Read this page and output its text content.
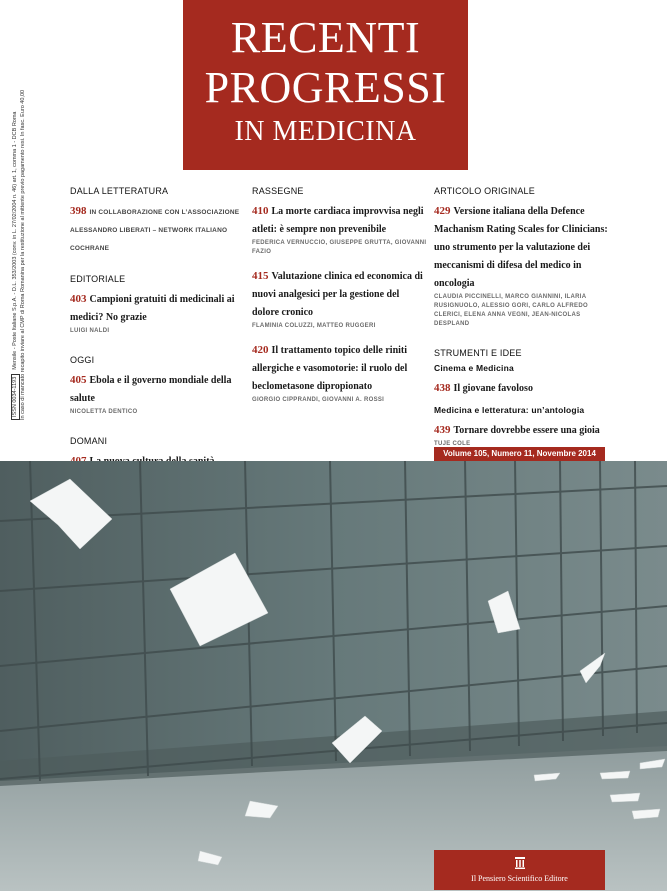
RECENTI
PROGRESSI
IN MEDICINA
ISSN 0034-1193Mensile - Poste Italiane S.p.A. - D.L. 353/2003 (conv. in L. 27/02/2004 n. 46) art. 1, comma 1 - DCB Roma In caso di mancato recapito inviare al CMP di Roma Romanina per la restituzione al mittente previo pagamento resi. In fasc. Euro 40,00	DALLA LETTERATURA
398 IN COLLABORAZIONE CON L’ASSOCIAZIONE ALESSANDRO LIBERATI – NETWORK ITALIANO COCHRANE
EDITORIALE
403 Campioni gratuiti di medicinali ai medici? No grazie
LUIGI NALDI
OGGI
405 Ebola e il governo mondiale della salute
NICOLETTA DENTICO
DOMANI
RASSEGNE
410 La morte cardiaca improvvisa negli atleti: è sempre non prevenibile
FEDERICA VERNUCCIO, GIUSEPPE GRUTTA, GIOVANNI FAZIO
415 Valutazione clinica ed economica di nuovi analgesici per la gestione del dolore cronico
FLAMINIA COLUZZI, MATTEO RUGGERI
420 Il trattamento topico delle riniti allergiche e vasomotorie: il ruolo del beclometasone dipropionato
GIORGIO CIPPRANDI, GIOVANNI A. ROSSI
ARTICOLO ORIGINALE
429 Versione italiana della Defence Machanism Rating Scales for Clinicians: uno strumento per la valutazione dei meccanismi di difesa del medico in oncologia
CLAUDIA PICCINELLI, MARCO GIANNINI, ILARIA RUSIGNUOLO, ALESSIO GORI, CARLO ALFREDO CLERICI, ELENA ANNA VEGNI, JEAN-NICOLAS DESPLAND
STRUMENTI E IDEE
Cinema e Medicina
438 Il giovane favoloso
Medicina e letteratura: un’antologia
439 Tornare dovrebbe essere una gioia
TUJE COLE
Volume 105, Numero 11, Novembre 2014
Il Pensiero Scientifico Editore
